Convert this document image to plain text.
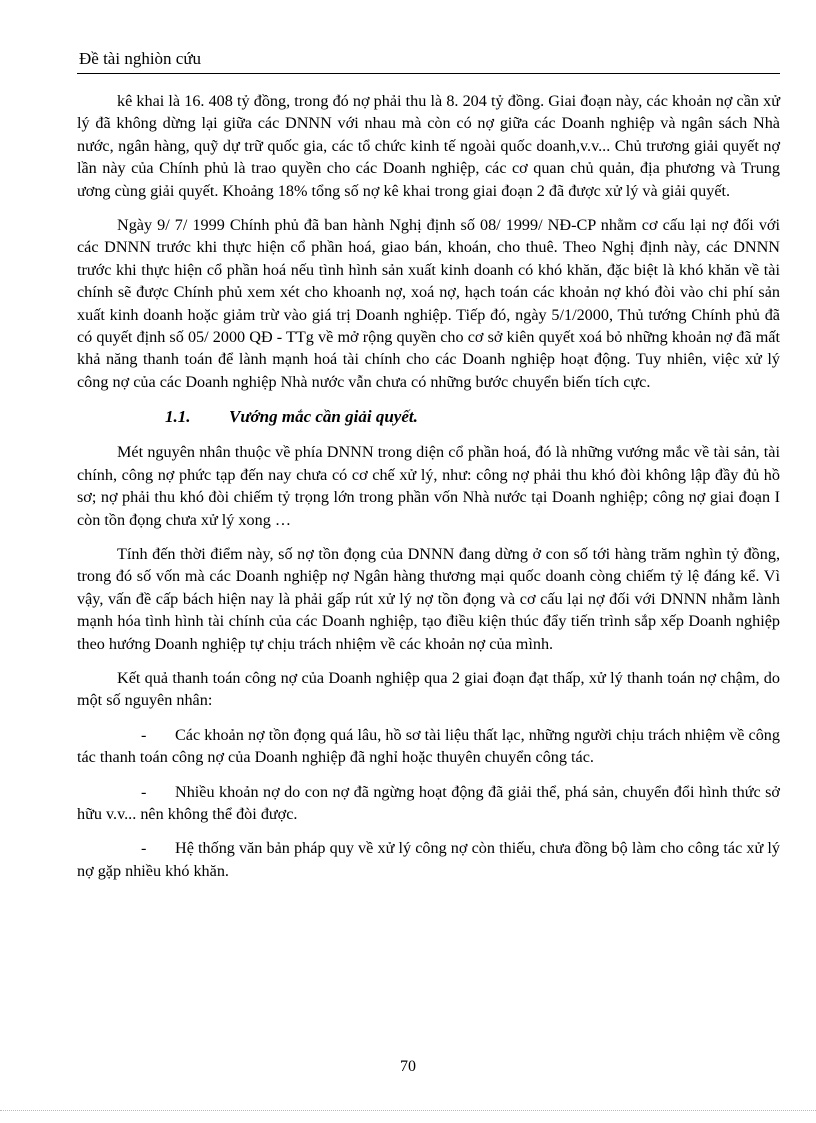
Đề tài nghiòn cứu

kê khai là 16. 408 tỷ đồng, trong đó nợ phải thu là 8. 204 tỷ đồng. Giai đoạn này, các khoản nợ cần xử lý đã không dừng lại giữa các DNNN với nhau mà còn có nợ giữa các Doanh nghiệp và ngân sách Nhà nước, ngân hàng, quỹ dự trữ quốc gia, các tổ chức kinh tế ngoài quốc doanh,v.v... Chủ trương giải quyết nợ lần này của Chính phủ là trao quyền cho các Doanh nghiệp, các cơ quan chủ quản, địa phương và Trung ương cùng giải quyết. Khoảng 18% tổng số nợ kê khai trong giai đoạn 2 đã được xử lý và giải quyết.

Ngày 9/ 7/ 1999 Chính phủ đã ban hành Nghị định số 08/ 1999/ NĐ-CP nhằm cơ cấu lại nợ đối với các DNNN trước khi thực hiện cổ phần hoá, giao bán, khoán, cho thuê. Theo Nghị định này, các DNNN trước khi thực hiện cổ phần hoá nếu tình hình sản xuất kinh doanh có khó khăn, đặc biệt là khó khăn về tài chính sẽ được Chính phủ xem xét cho khoanh nợ, xoá nợ, hạch toán các khoản nợ khó đòi vào chi phí sản xuất kinh doanh hoặc giảm trừ vào giá trị Doanh nghiệp. Tiếp đó, ngày 5/1/2000, Thủ tướng Chính phủ đã có quyết định số 05/ 2000 QĐ - TTg về mở rộng quyền cho cơ sở kiên quyết xoá bỏ những khoản nợ đã mất khả năng thanh toán để lành mạnh hoá tài chính cho các Doanh nghiệp hoạt động. Tuy nhiên, việc xử lý công nợ của các Doanh nghiệp Nhà nước vẫn chưa có những bước chuyển biến tích cực.

1.1. Vướng mắc cần giải quyết.

Mét nguyên nhân thuộc về phía DNNN trong diện cổ phần hoá, đó là những vướng mắc về tài sản, tài chính, công nợ phức tạp đến nay chưa có cơ chế xử lý, như: công nợ phải thu khó đòi không lập đầy đủ hồ sơ; nợ phải thu khó đòi chiếm tỷ trọng lớn trong phần vốn Nhà nước tại Doanh nghiệp; công nợ giai đoạn I còn tồn đọng chưa xử lý xong …

Tính đến thời điểm này, số nợ tồn đọng của DNNN đang dừng ở con số tới hàng trăm nghìn tỷ đồng, trong đó số vốn mà các Doanh nghiệp nợ Ngân hàng thương mại quốc doanh còng chiếm tỷ lệ đáng kể. Vì vậy, vấn đề cấp bách hiện nay là phải gấp rút xử lý nợ tồn đọng và cơ cấu lại nợ đối với DNNN nhằm lành mạnh hóa tình hình tài chính của các Doanh nghiệp, tạo điều kiện thúc đẩy tiến trình sắp xếp Doanh nghiệp theo hướng Doanh nghiệp tự chịu trách nhiệm về các khoản nợ của mình.

Kết quả thanh toán công nợ của Doanh nghiệp qua 2 giai đoạn đạt thấp, xử lý thanh toán nợ chậm, do một số nguyên nhân:

- Các khoản nợ tồn đọng quá lâu, hồ sơ tài liệu thất lạc, những người chịu trách nhiệm về công tác thanh toán công nợ của Doanh nghiệp đã nghỉ hoặc thuyên chuyển công tác.

- Nhiều khoản nợ do con nợ đã ngừng hoạt động đã giải thể, phá sản, chuyển đổi hình thức sở hữu v.v... nên không thể đòi được.

- Hệ thống văn bản pháp quy về xử lý công nợ còn thiếu, chưa đồng bộ làm cho công tác xử lý nợ gặp nhiều khó khăn.

70
